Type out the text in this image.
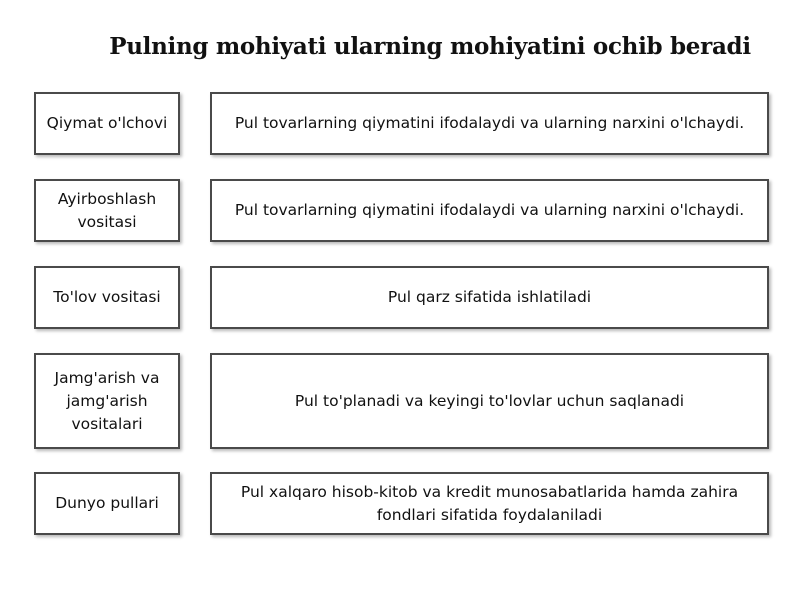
Pulning mohiyati ularning mohiyatini ochib beradi
Qiymat o'lchovi	Pul tovarlarning qiymatini ifodalaydi va ularning narxini o'lchaydi.
Ayirboshlash vositasi
Pul tovarlarning qiymatini ifodalaydi va ularning narxini o'lchaydi.
To'lov vositasi	Pul qarz sifatida ishlatiladi
Jamg'arish va jamg'arish vositalari
Pul to'planadi va keyingi to'lovlar uchun saqlanadi
Dunyo pullari
Pul xalqaro hisob-kitob va kredit munosabatlarida hamda zahira fondlari sifatida foydalaniladi
